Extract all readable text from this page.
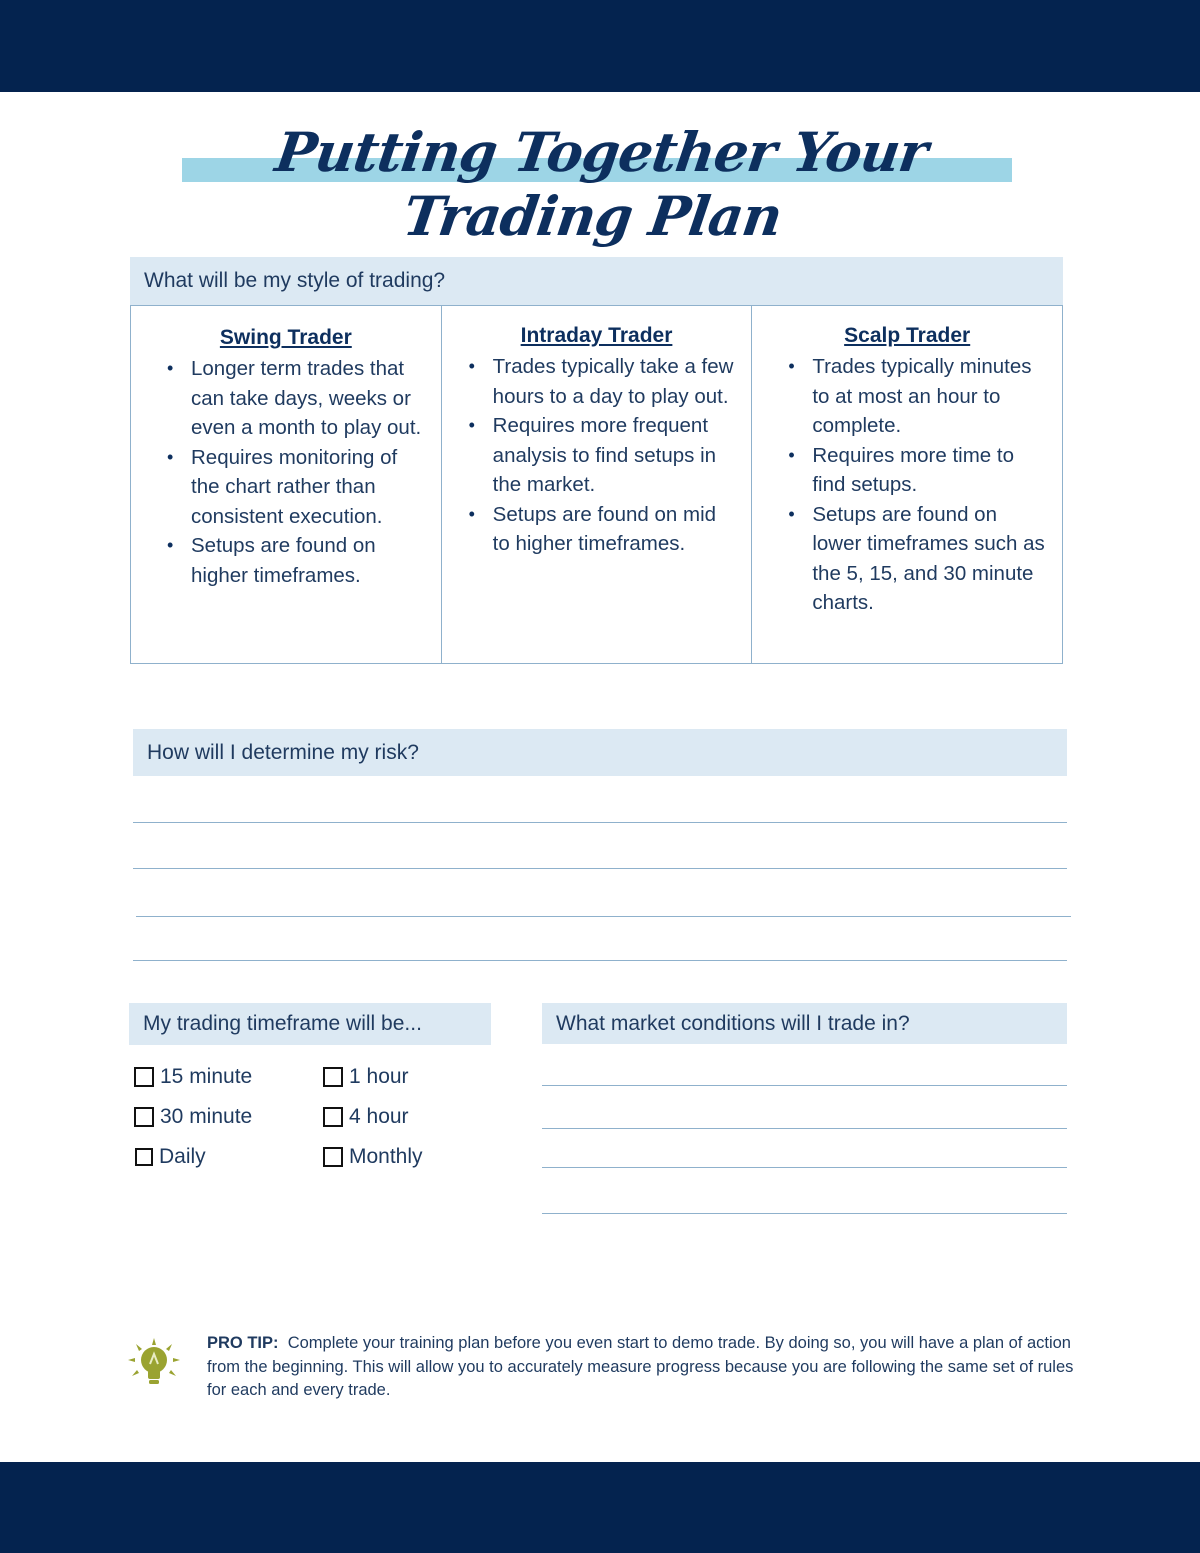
Putting Together Your Trading Plan
What will be my style of trading?
Swing Trader
• Longer term trades that can take days, weeks or even a month to play out.
• Requires monitoring of the chart rather than consistent execution.
• Setups are found on higher timeframes.
Intraday Trader
• Trades typically take a few hours to a day to play out.
• Requires more frequent analysis to find setups in the market.
• Setups are found on mid to higher timeframes.
Scalp Trader
• Trades typically minutes to at most an hour to complete.
• Requires more time to find setups.
• Setups are found on lower timeframes such as the 5, 15, and 30 minute charts.
How will I determine my risk?
My trading timeframe will be...
15 minute	1 hour
30 minute	4 hour
Daily	Monthly
What market conditions will I trade in?
PRO TIP: Complete your training plan before you even start to demo trade. By doing so, you will have a plan of action from the beginning. This will allow you to accurately measure progress because you are following the same set of rules for each and every trade.
